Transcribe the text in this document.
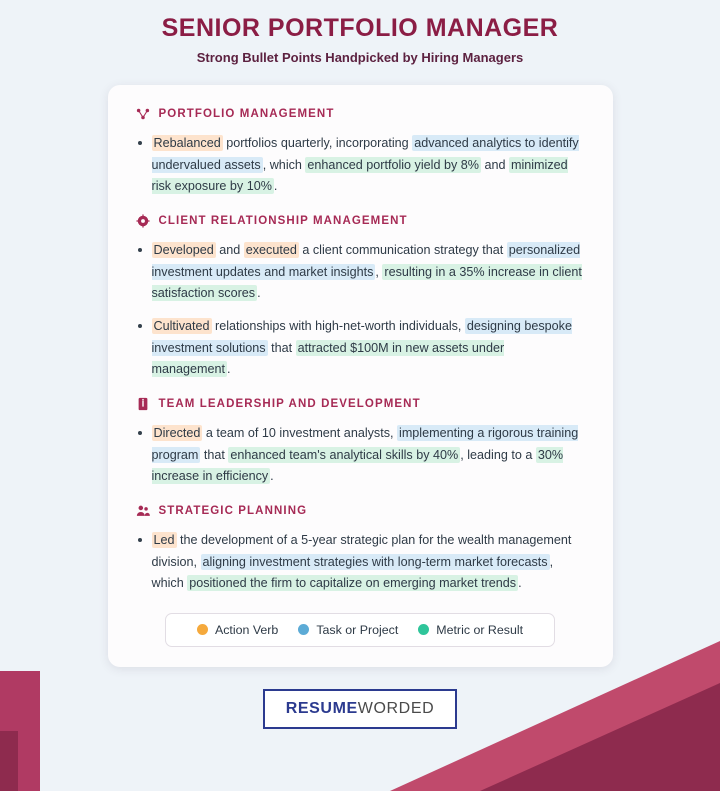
SENIOR PORTFOLIO MANAGER
Strong Bullet Points Handpicked by Hiring Managers
PORTFOLIO MANAGEMENT
Rebalanced portfolios quarterly, incorporating advanced analytics to identify undervalued assets , which enhanced portfolio yield by 8% and minimized risk exposure by 10% .
CLIENT RELATIONSHIP MANAGEMENT
Developed and executed a client communication strategy that personalized investment updates and market insights , resulting in a 35% increase in client satisfaction scores .
Cultivated relationships with high-net-worth individuals, designing bespoke investment solutions that attracted $100M in new assets under management .
TEAM LEADERSHIP AND DEVELOPMENT
Directed a team of 10 investment analysts, implementing a rigorous training program that enhanced team's analytical skills by 40% , leading to a 30% increase in efficiency .
STRATEGIC PLANNING
Led the development of a 5-year strategic plan for the wealth management division, aligning investment strategies with long-term market forecasts , which positioned the firm to capitalize on emerging market trends .
Action Verb	Task or Project	Metric or Result
RESUMEWORDED
